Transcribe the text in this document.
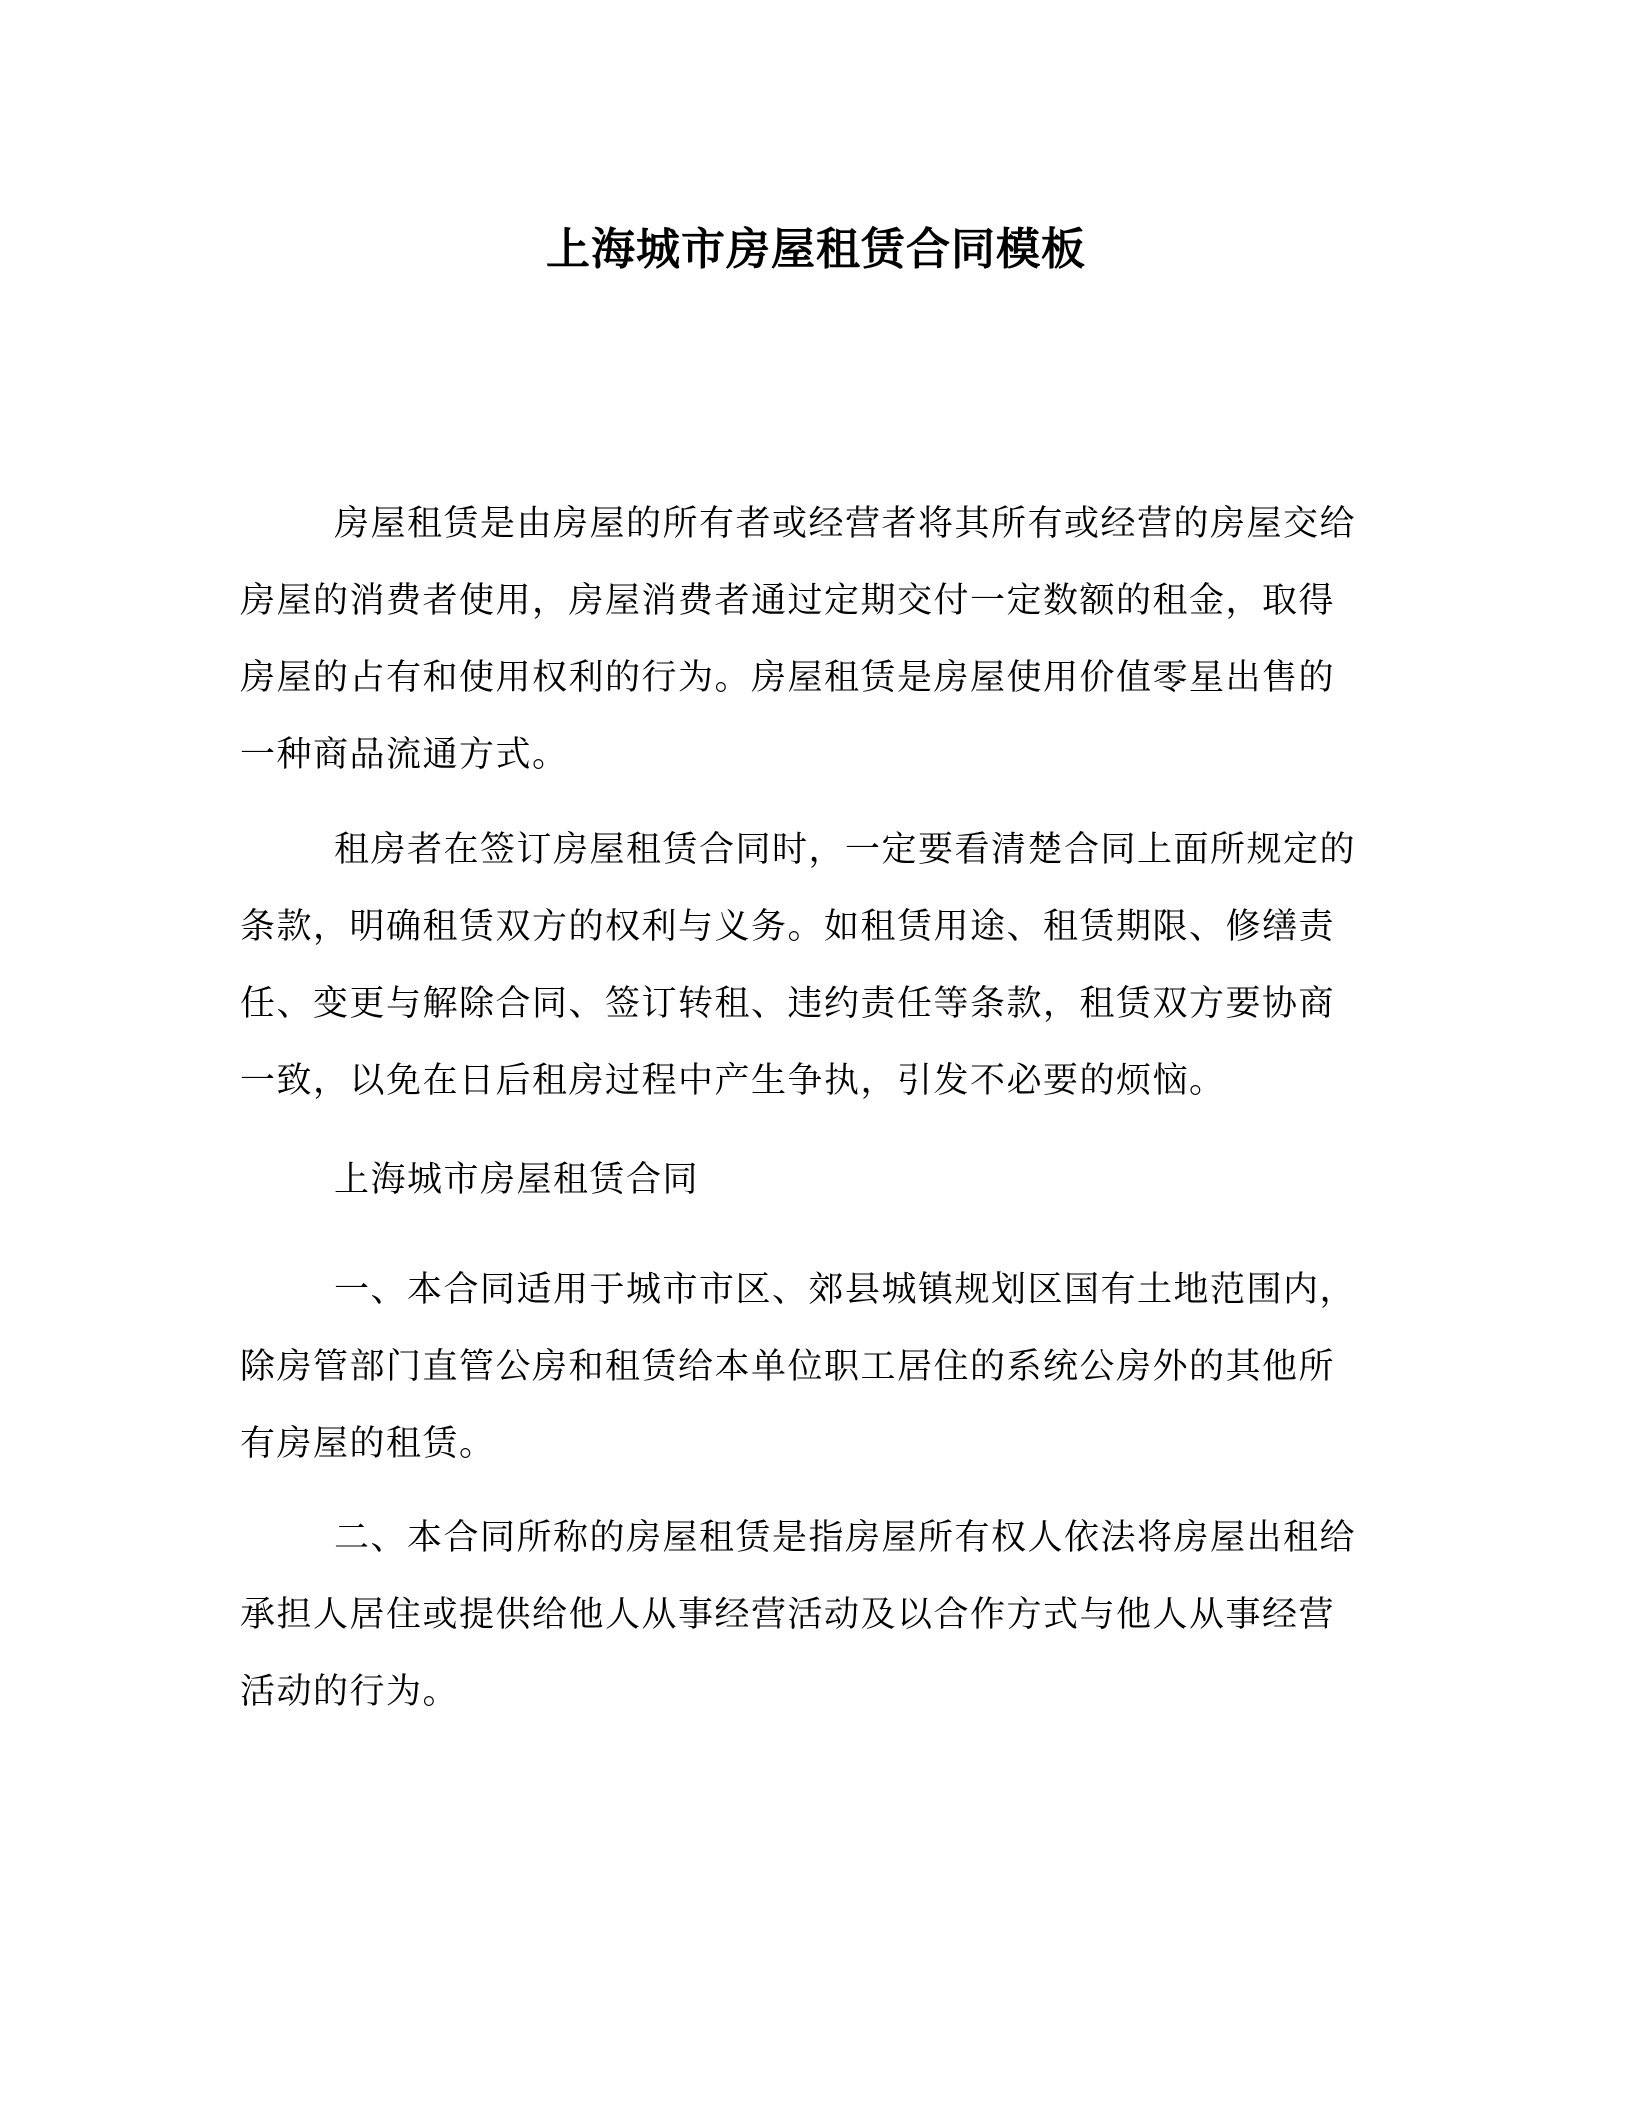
上海城市房屋租赁合同模板
房屋租赁是由房屋的所有者或经营者将其所有或经营的房屋交给
房屋的消费者使用，房屋消费者通过定期交付一定数额的租金，取得
房屋的占有和使用权利的行为。房屋租赁是房屋使用价值零星出售的
一种商品流通方式。
租房者在签订房屋租赁合同时，一定要看清楚合同上面所规定的
条款，明确租赁双方的权利与义务。如租赁用途、租赁期限、修缮责
任、变更与解除合同、签订转租、违约责任等条款，租赁双方要协商
一致，以免在日后租房过程中产生争执，引发不必要的烦恼。
上海城市房屋租赁合同
一、本合同适用于城市市区、郊县城镇规划区国有土地范围内，
除房管部门直管公房和租赁给本单位职工居住的系统公房外的其他所
有房屋的租赁。
二、本合同所称的房屋租赁是指房屋所有权人依法将房屋出租给
承担人居住或提供给他人从事经营活动及以合作方式与他人从事经营
活动的行为。
